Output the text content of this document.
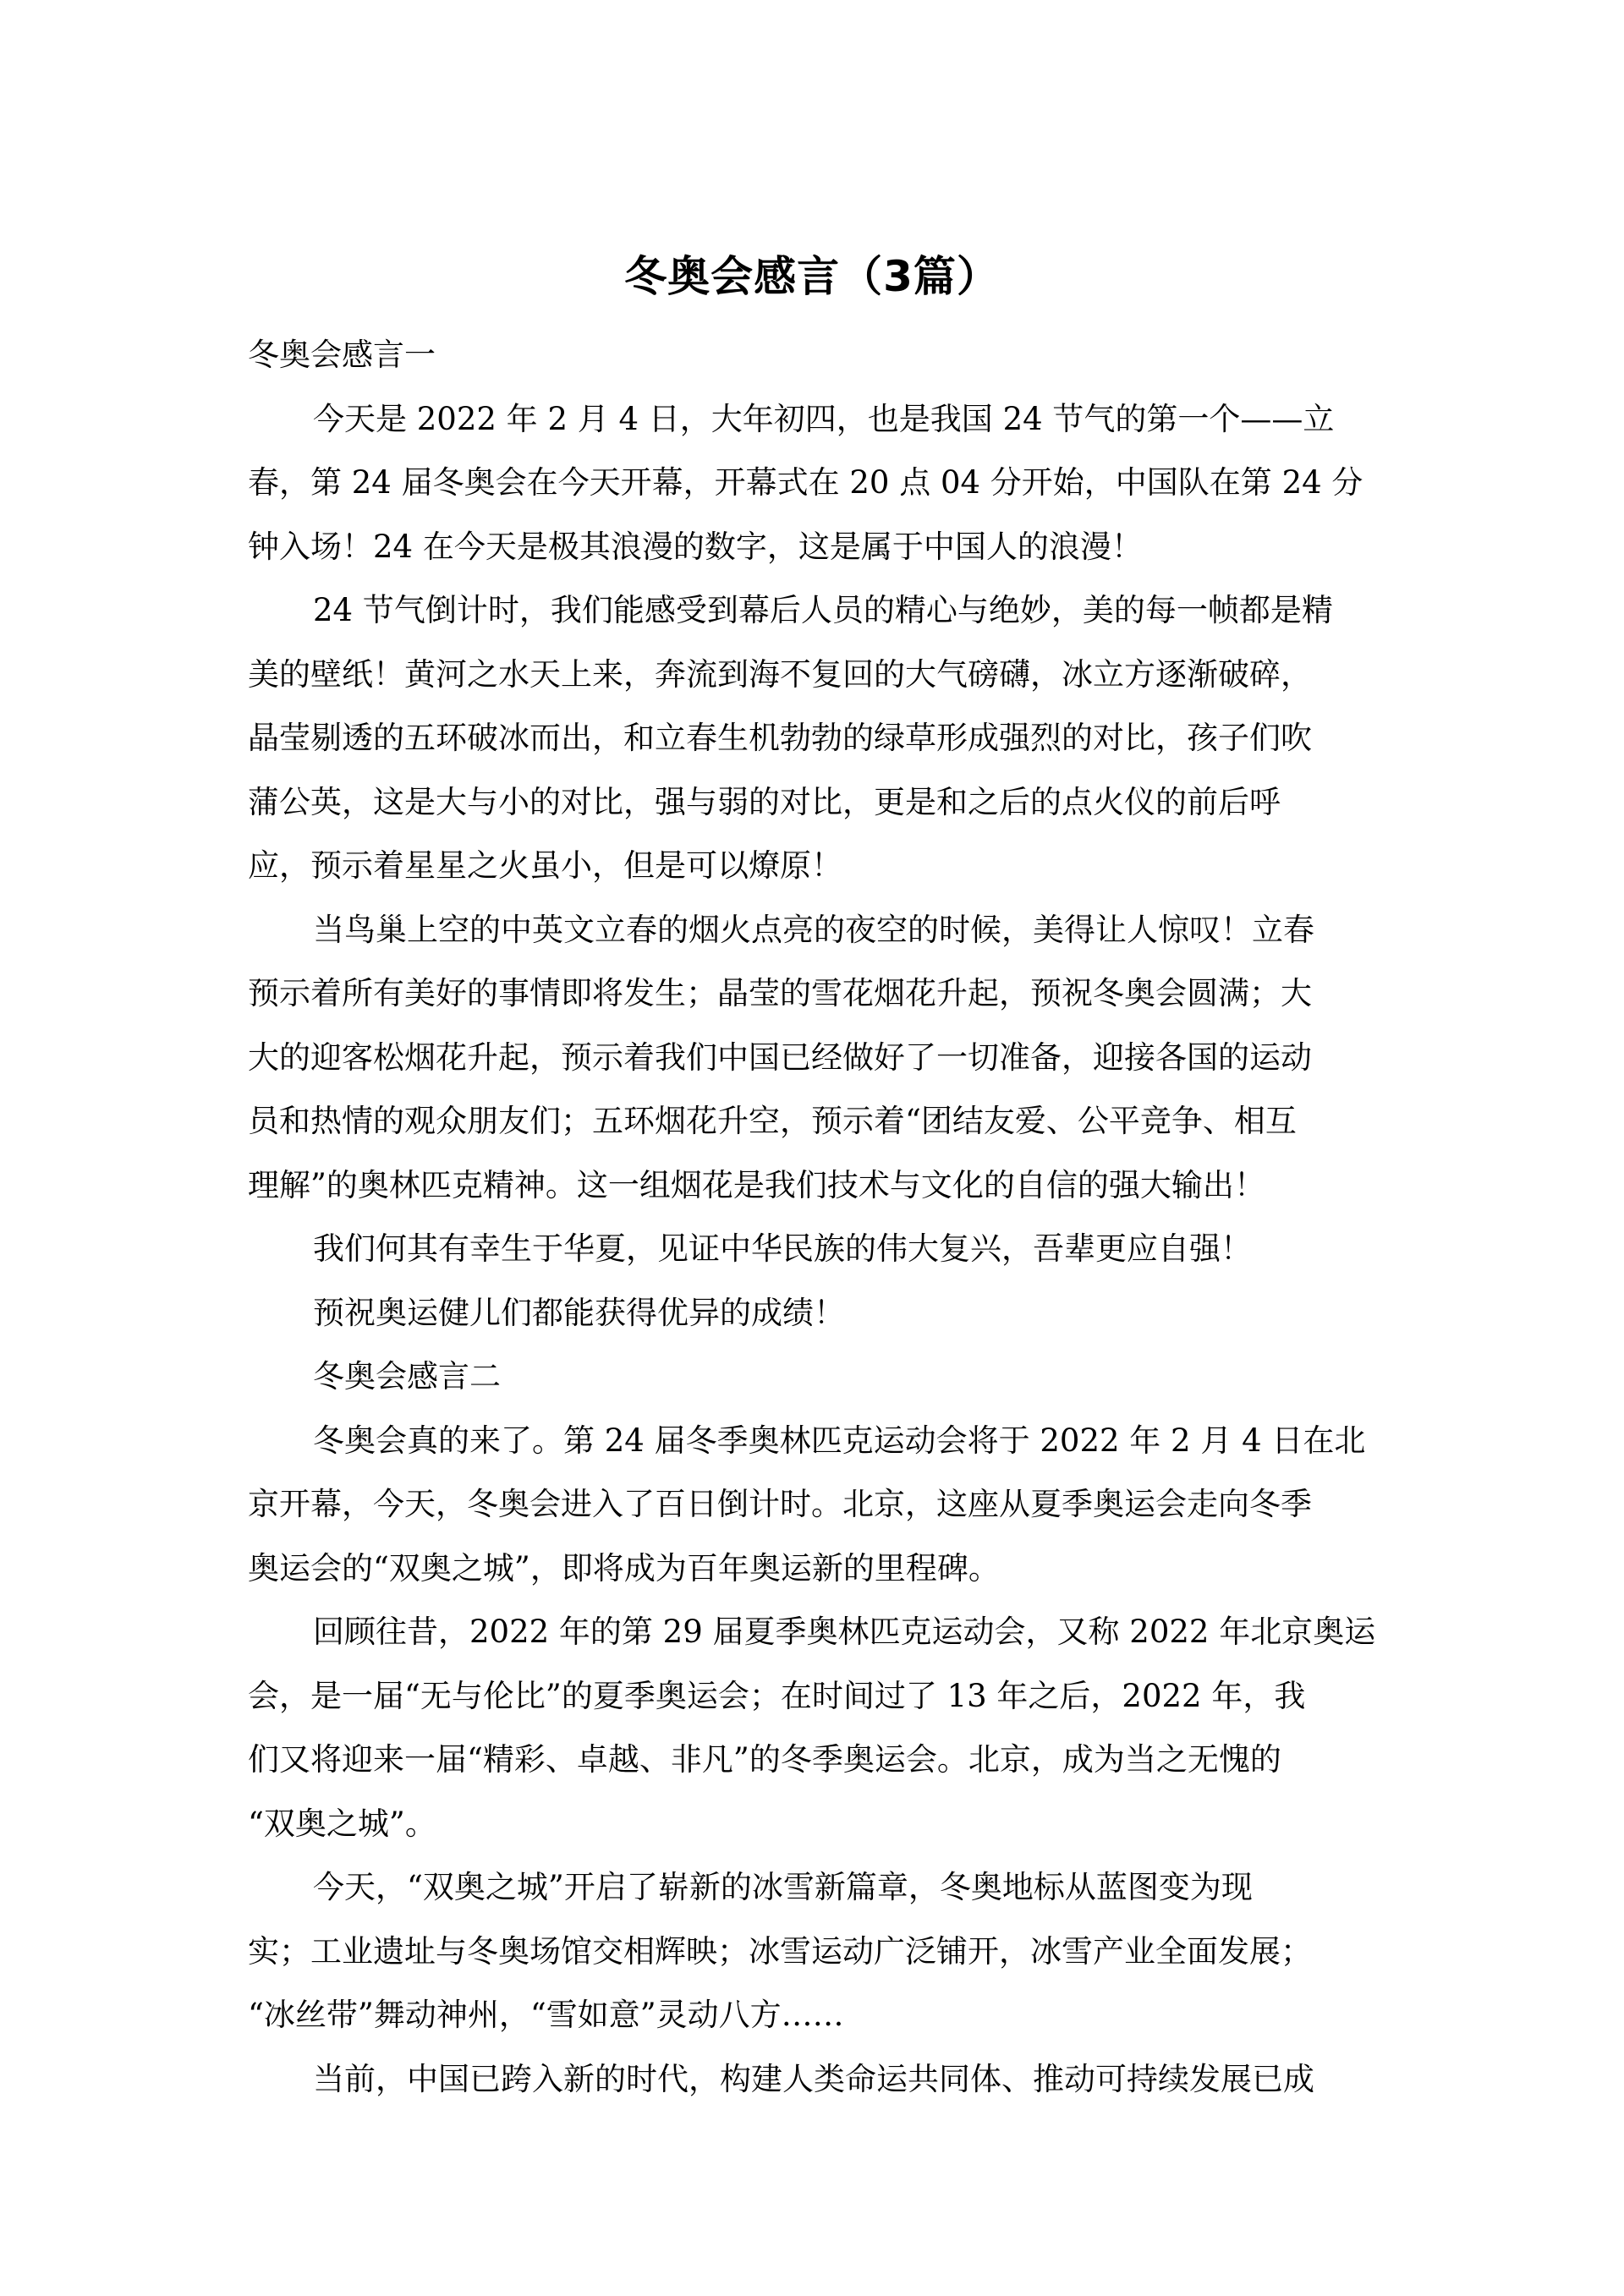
冬奥会感言（3篇）
冬奥会感言一
今天是 2022 年 2 月 4 日，大年初四，也是我国 24 节气的第一个——立
春，第 24 届冬奥会在今天开幕，开幕式在 20 点 04 分开始，中国队在第 24 分
钟入场！24 在今天是极其浪漫的数字，这是属于中国人的浪漫！
24 节气倒计时，我们能感受到幕后人员的精心与绝妙，美的每一帧都是精
美的壁纸！黄河之水天上来，奔流到海不复回的大气磅礴，冰立方逐渐破碎，
晶莹剔透的五环破冰而出，和立春生机勃勃的绿草形成强烈的对比，孩子们吹
蒲公英，这是大与小的对比，强与弱的对比，更是和之后的点火仪的前后呼
应，预示着星星之火虽小，但是可以燎原！
当鸟巢上空的中英文立春的烟火点亮的夜空的时候，美得让人惊叹！立春
预示着所有美好的事情即将发生；晶莹的雪花烟花升起，预祝冬奥会圆满；大
大的迎客松烟花升起，预示着我们中国已经做好了一切准备，迎接各国的运动
员和热情的观众朋友们；五环烟花升空，预示着“团结友爱、公平竞争、相互
理解”的奥林匹克精神。这一组烟花是我们技术与文化的自信的强大输出！
我们何其有幸生于华夏，见证中华民族的伟大复兴，吾辈更应自强！
预祝奥运健儿们都能获得优异的成绩！
冬奥会感言二
冬奥会真的来了。第 24 届冬季奥林匹克运动会将于 2022 年 2 月 4 日在北
京开幕，今天，冬奥会进入了百日倒计时。北京，这座从夏季奥运会走向冬季
奥运会的“双奥之城”，即将成为百年奥运新的里程碑。
回顾往昔，2022 年的第 29 届夏季奥林匹克运动会，又称 2022 年北京奥运
会，是一届“无与伦比”的夏季奥运会；在时间过了 13 年之后，2022 年，我
们又将迎来一届“精彩、卓越、非凡”的冬季奥运会。北京，成为当之无愧的
“双奥之城”。
今天，“双奥之城”开启了崭新的冰雪新篇章，冬奥地标从蓝图变为现
实；工业遗址与冬奥场馆交相辉映；冰雪运动广泛铺开，冰雪产业全面发展；
“冰丝带”舞动神州，“雪如意”灵动八方……
当前，中国已跨入新的时代，构建人类命运共同体、推动可持续发展已成
